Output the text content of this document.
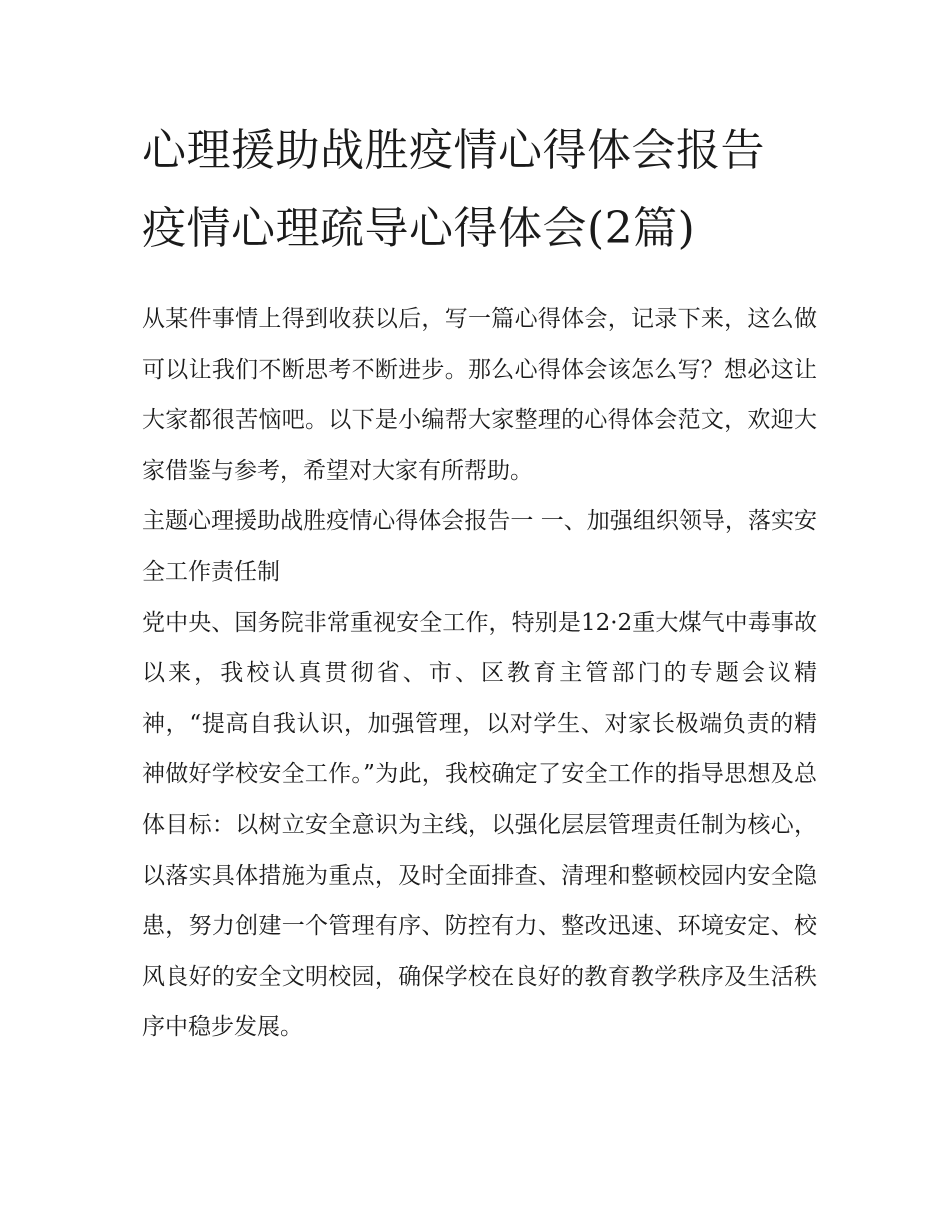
心理援助战胜疫情心得体会报告 疫情心理疏导心得体会(2篇)

从某件事情上得到收获以后，写一篇心得体会，记录下来，这么做可以让我们不断思考不断进步。那么心得体会该怎么写？想必这让大家都很苦恼吧。以下是小编帮大家整理的心得体会范文，欢迎大家借鉴与参考，希望对大家有所帮助。

主题心理援助战胜疫情心得体会报告一 一、加强组织领导，落实安全工作责任制

党中央、国务院非常重视安全工作，特别是12·2重大煤气中毒事故以来，我校认真贯彻省、市、区教育主管部门的专题会议精神，“提高自我认识，加强管理，以对学生、对家长极端负责的精神做好学校安全工作。”为此，我校确定了安全工作的指导思想及总体目标：以树立安全意识为主线，以强化层层管理责任制为核心，以落实具体措施为重点，及时全面排查、清理和整顿校园内安全隐患，努力创建一个管理有序、防控有力、整改迅速、环境安定、校风良好的安全文明校园，确保学校在良好的教育教学秩序及生活秩序中稳步发展。
